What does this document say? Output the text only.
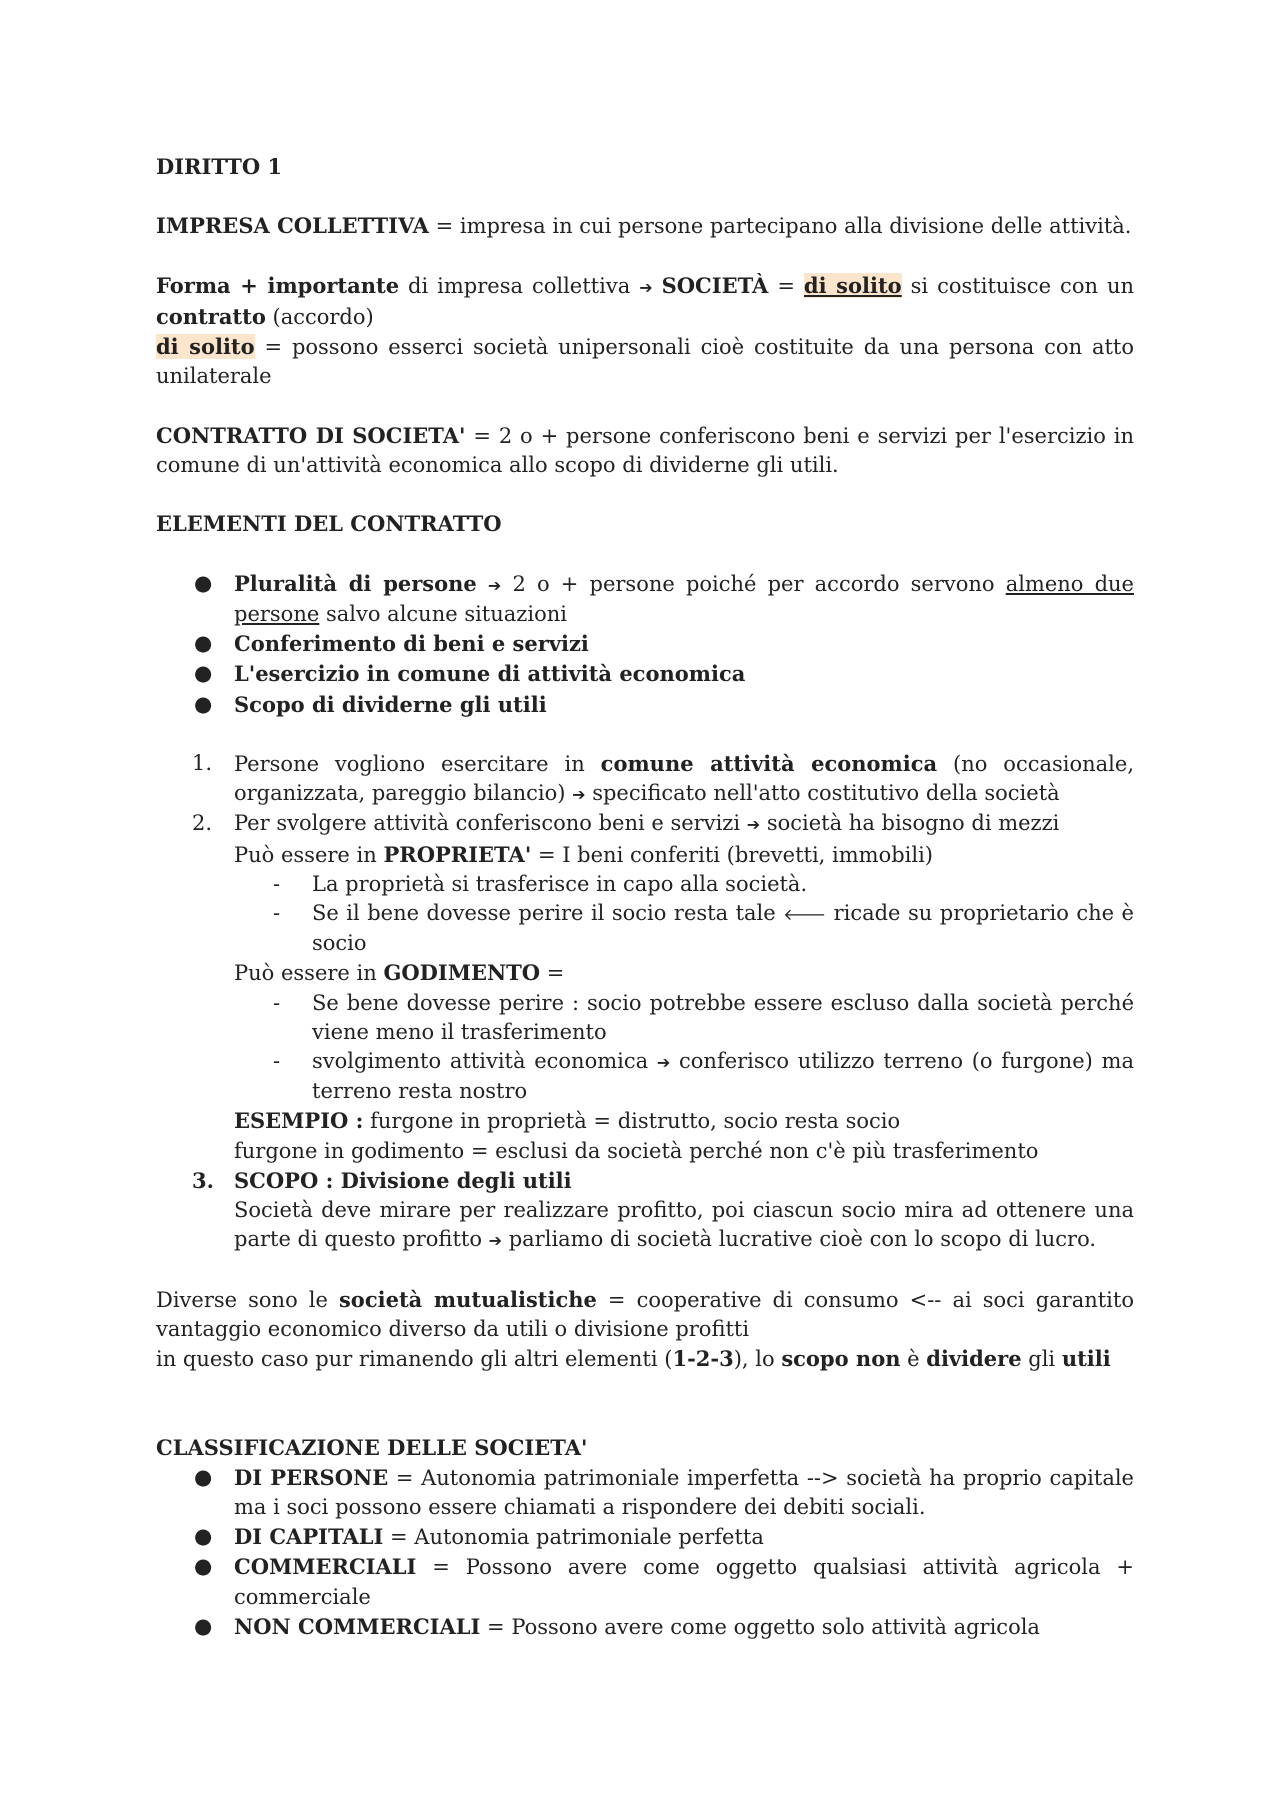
DIRITTO 1

IMPRESA COLLETTIVA = impresa in cui persone partecipano alla divisione delle attività.

Forma + importante di impresa collettiva ➔ SOCIETÀ = di solito si costituisce con un contratto (accordo)

di solito = possono esserci società unipersonali cioè costituite da una persona con atto unilaterale

CONTRATTO DI SOCIETA' = 2 o + persone conferiscono beni e servizi per l'esercizio in comune di un'attività economica allo scopo di dividerne gli utili.

ELEMENTI DEL CONTRATTO

● Pluralità di persone ➔ 2 o + persone poiché per accordo servono almeno due persone salvo alcune situazioni
● Conferimento di beni e servizi
● L'esercizio in comune di attività economica
● Scopo di dividerne gli utili
1. Persone vogliono esercitare in comune attività economica (no occasionale, organizzata, pareggio bilancio) ➔ specificato nell'atto costitutivo della società
2. Per svolgere attività conferiscono beni e servizi ➔ società ha bisogno di mezzi
Può essere in PROPRIETA' = I beni conferiti (brevetti, immobili)
- La proprietà si trasferisce in capo alla società.
- Se il bene dovesse perire il socio resta tale 🡐 ricade su proprietario che è socio
Può essere in GODIMENTO =
- Se bene dovesse perire : socio potrebbe essere escluso dalla società perché viene meno il trasferimento
- svolgimento attività economica ➔ conferisco utilizzo terreno (o furgone) ma terreno resta nostro
ESEMPIO : furgone in proprietà = distrutto, socio resta socio
furgone in godimento = esclusi da società perché non c'è più trasferimento
3. SCOPO : Divisione degli utili
Società deve mirare per realizzare profitto, poi ciascun socio mira ad ottenere una parte di questo profitto ➔ parliamo di società lucrative cioè con lo scopo di lucro.

Diverse sono le società mutualistiche = cooperative di consumo <-- ai soci garantito vantaggio economico diverso da utili o divisione profitti

in questo caso pur rimanendo gli altri elementi (1-2-3), lo scopo non è dividere gli utili

CLASSIFICAZIONE DELLE SOCIETA'

● DI PERSONE = Autonomia patrimoniale imperfetta --> società ha proprio capitale ma i soci possono essere chiamati a rispondere dei debiti sociali.
● DI CAPITALI = Autonomia patrimoniale perfetta
● COMMERCIALI = Possono avere come oggetto qualsiasi attività agricola + commerciale
● NON COMMERCIALI = Possono avere come oggetto solo attività agricola
